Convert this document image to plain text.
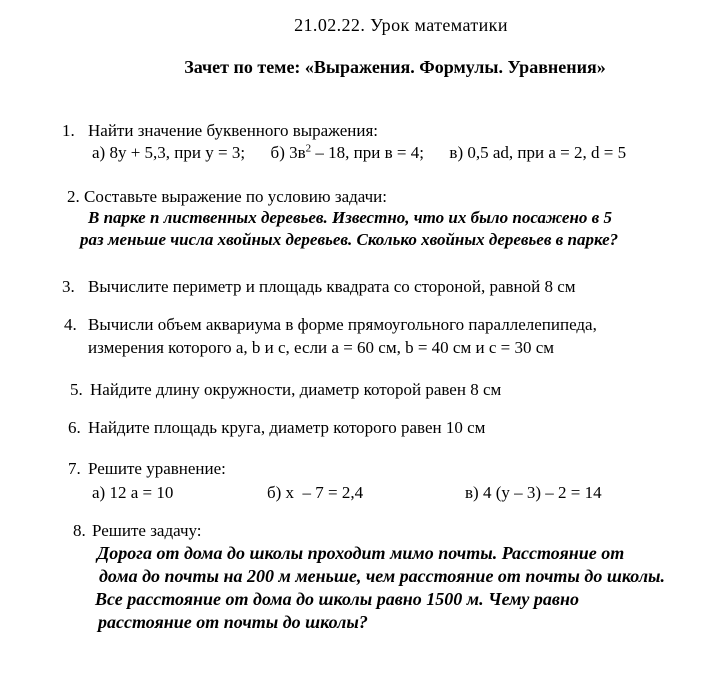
21.02.22. Урок математики
Зачет по теме: «Выражения. Формулы. Уравнения»

1.

Найти значение буквенного выражения:

а) 8у + 5,3, при у = 3;      б) $3в^2 - 18$, при в = 4;      в) 0,5 ad, при а = 2, d = 5

2.

Составьте выражение по условию задачи:

В парке n лиственных деревьев. Известно, что их было посажено в 5

раз меньше числа хвойных деревьев. Сколько хвойных деревьев в парке?

3.

Вычислите периметр и площадь квадрата со стороной, равной 8 см

4.

Вычисли объем аквариума в форме прямоугольного параллелепипеда,

измерения которого a, b и c, если a = 60 см, b = 40 см и c = 30 см

5.

Найдите длину окружности, диаметр которой равен 8 см

6.

Найдите площадь круга, диаметр которого равен 10 см

7.

Решите уравнение:

а) 12 а = 10

	б) х  – 7 = 2,4

	в) 4 (у – 3) – 2 = 14

8.

Решите задачу:

Дорога от дома до школы проходит мимо почты. Расстояние от

дома до почты на 200 м меньше, чем расстояние от почты до школы.

Все расстояние от дома до школы равно 1500 м. Чему равно

расстояние от почты до школы?
